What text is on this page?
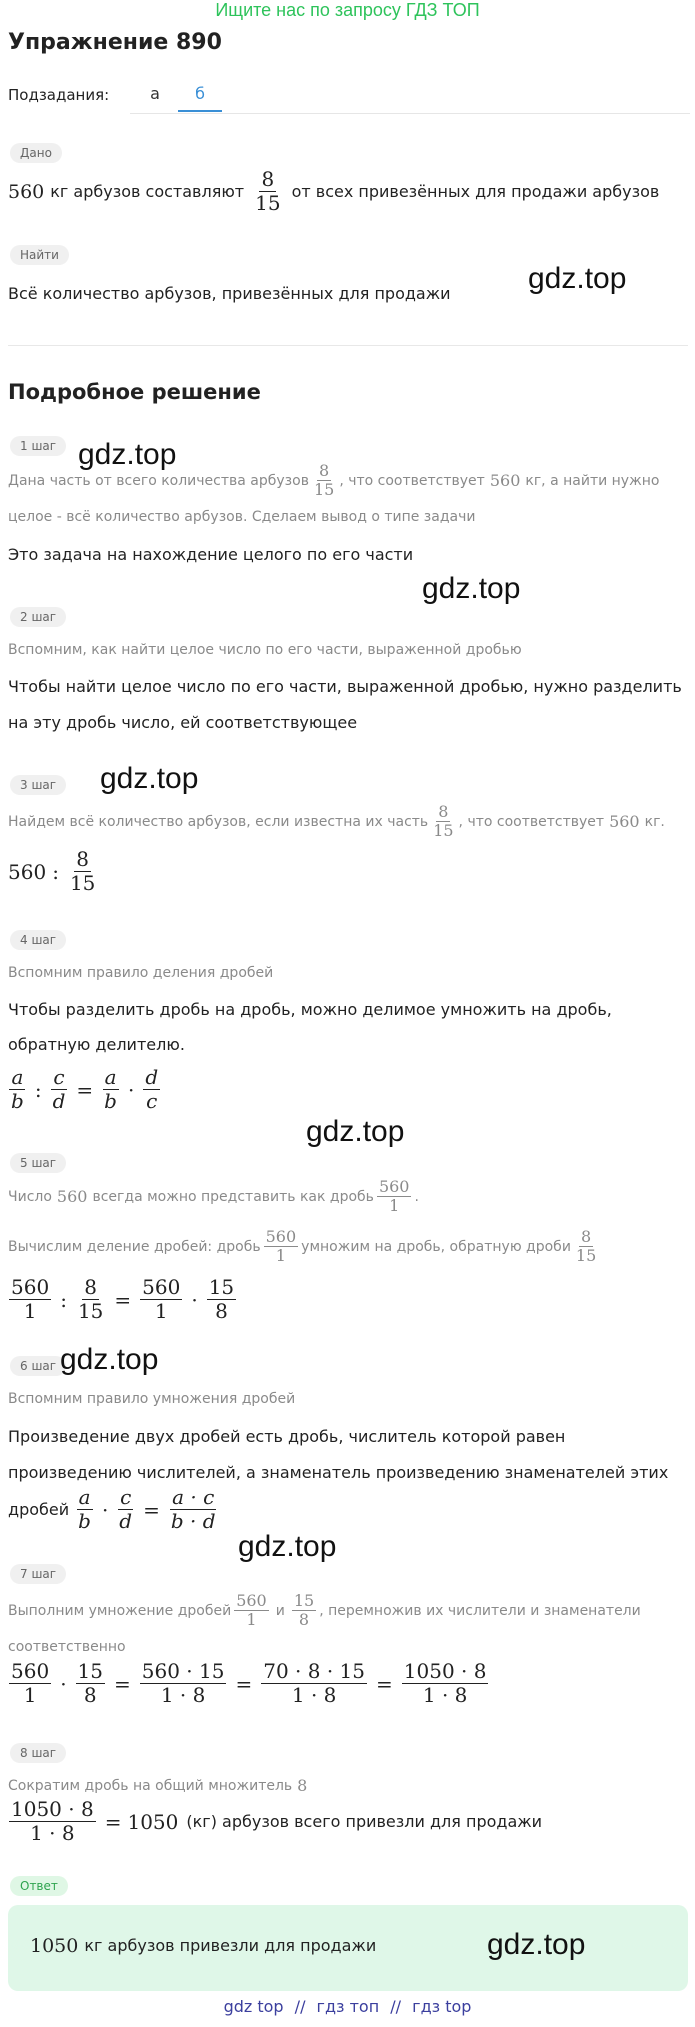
Ищите нас по запросу ГДЗ ТОП
Упражнение 890
Подзадания:	а	б
Дано
560 кг арбузов составляют $\frac{8}{15}$ от всех привезённых для продажи арбузов
Найти
Всё количество арбузов, привезённых для продажи	gdz.top
Подробное решение
1 шаг gdz.top
Дана часть от всего количества арбузов $\frac{8}{15}$ , что соответствует 560 кг, а найти нужно
целое - всё количество арбузов. Сделаем вывод о типе задачи
Это задача на нахождение целого по его части
gdz.top
2 шаг
Вспомним, как найти целое число по его части, выраженной дробью
Чтобы найти целое число по его части, выраженной дробью, нужно разделить
на эту дробь число, ей соответствующее
3 шаг	gdz.top
Найдем всё количество арбузов, если известна их часть $\frac{8}{15}$ , что соответствует 560 кг.
560 : $\frac{8}{15}$
4 шаг
Вспомним правило деления дробей
Чтобы разделить дробь на дробь, можно делимое умножить на дробь,
обратную делителю.
$\frac{a}{b}$ : $\frac{c}{d} = \frac{a}{b} \cdot \frac{d}{c}$
gdz.top
5 шаг
Число 560 всегда можно представить как дробь $\frac{560}{1}$ .
Вычислим деление дробей: дробь $\frac{560}{1}$ умножим на дробь, обратную дроби $\frac{8}{15}$
$\frac{560}{1}$ : $\frac{8}{15} = \frac{560}{1} \cdot \frac{15}{8}$
6 шаг gdz.top
Вспомним правило умножения дробей
Произведение двух дробей есть дробь, числитель которой равен
произведению числителей, а знаменатель произведению знаменателей этих
дробей $\frac{a}{b} \cdot \frac{c}{d} = \frac{a \cdot c}{b \cdot d}$
gdz.top
7 шаг
Выполним умножение дробей $\frac{560}{1}$ и $\frac{15}{8}$ , перемножив их числители и знаменатели
соответственно
$\frac{560}{1} \cdot \frac{15}{8} = \frac{560 \cdot 15}{1 \cdot 8} = \frac{70 \cdot 8 \cdot 15}{1 \cdot 8} = \frac{1050 \cdot 8}{1 \cdot 8}$
8 шаг
Сократим дробь на общий множитель 8
$\frac{1050 \cdot 8}{1 \cdot 8} = 1050$ (кг) арбузов всего привезли для продажи
Ответ
1050 кг арбузов привезли для продажи	gdz.top
gdz top // гдз топ // гдз top
